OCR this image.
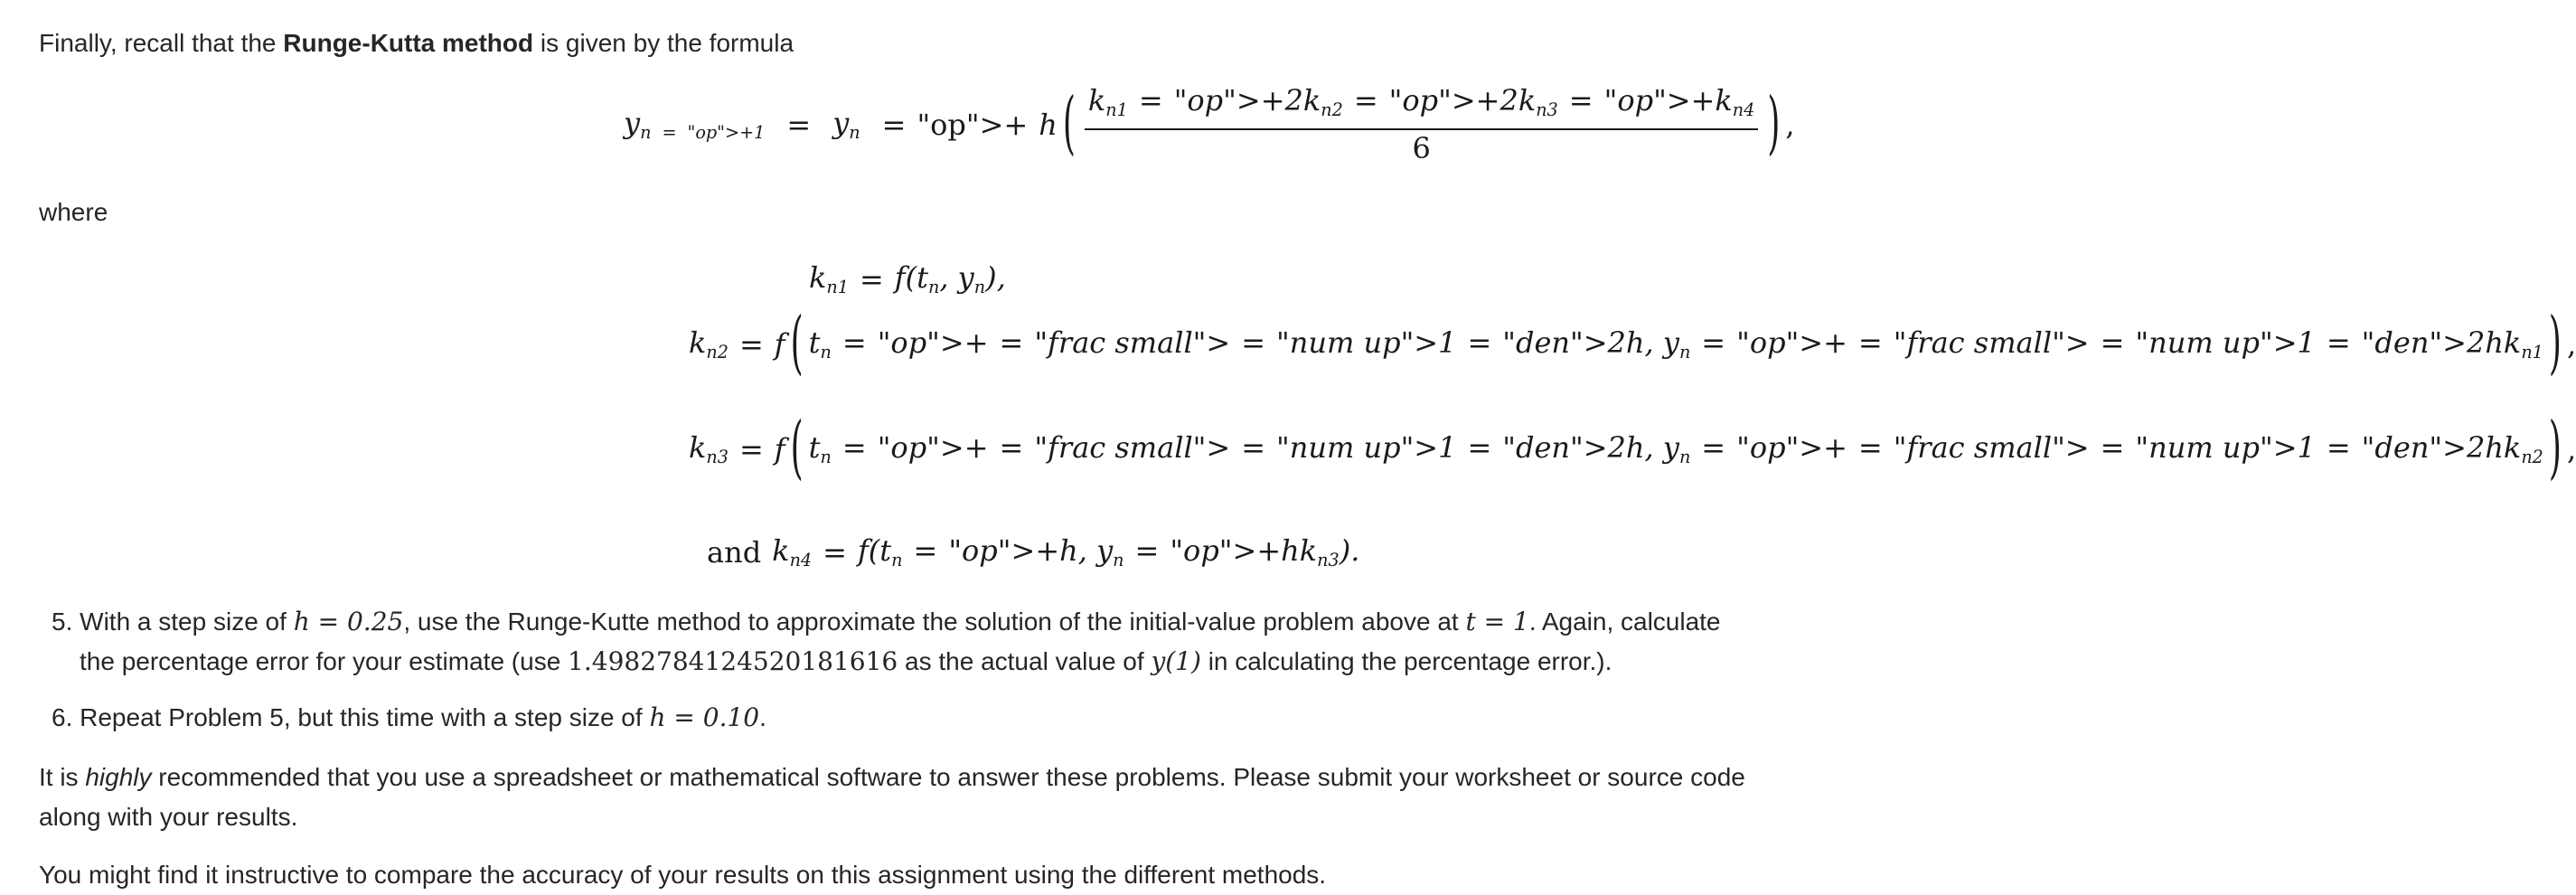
Finally, recall that the Runge-Kutta method is given by the formula

$y_{n = "op">+1} = y_n$ = "op">+ h ( $\frac{k_{n1} = "op">+2k_{n2} = "op">+2k_{n3} = "op">+k_{n4}}{6}$ ) ,

where

$k_{n1} = f(t_n$, $y_n$),
$k_{n2} = f$ ( $t_n$ = "op">+ = "frac small"> = "num up">1 = "den">2h, $y_n$ = "op">+ = "frac small"> = "num up">1 = "$den">2hk_{n1}$ ) ,
$k_{n3} = f$ ( $t_n$ = "op">+ = "frac small"> = "num up">1 = "den">2h, $y_n$ = "op">+ = "frac small"> = "num up">1 = "$den">2hk_{n2}$ ) ,
and $k_{n4} = f(t_n$ = "op">+h, $y_n$ = "$op">+hk_{n3}$).
5. With a step size of h = 0.25, use the Runge-Kutte method to approximate the solution of the initial-value problem above at t = 1. Again, calculate
the percentage error for your estimate (use 1.4982784124520181616 as the actual value of y(1) in calculating the percentage error.).
6. Repeat Problem 5, but this time with a step size of h = 0.10.
It is highly recommended that you use a spreadsheet or mathematical software to answer these problems. Please submit your worksheet or source code
along with your results.

You might find it instructive to compare the accuracy of your results on this assignment using the different methods.
